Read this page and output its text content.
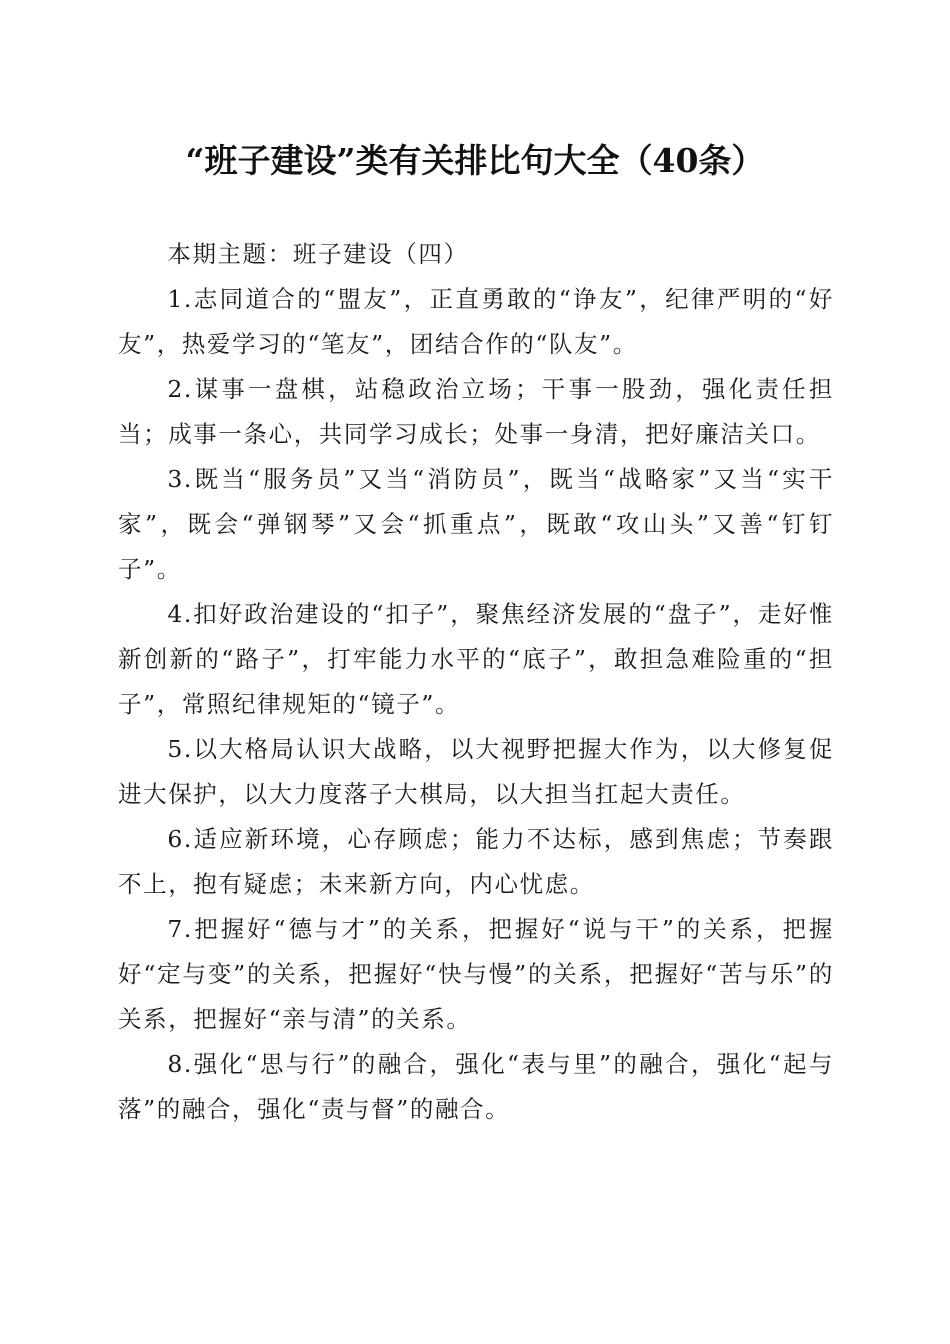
“班子建设”类有关排比句大全（40条）

本期主题：班子建设（四）

1.志同道合的“盟友”，正直勇敢的“诤友”，纪律严明的“好友”，热爱学习的“笔友”，团结合作的“队友”。

2.谋事一盘棋，站稳政治立场；干事一股劲，强化责任担当；成事一条心，共同学习成长；处事一身清，把好廉洁关口。

3.既当“服务员”又当“消防员”，既当“战略家”又当“实干家”，既会“弹钢琴”又会“抓重点”，既敢“攻山头”又善“钉钉子”。

4.扣好政治建设的“扣子”，聚焦经济发展的“盘子”，走好惟新创新的“路子”，打牢能力水平的“底子”，敢担急难险重的“担子”，常照纪律规矩的“镜子”。

5.以大格局认识大战略，以大视野把握大作为，以大修复促进大保护，以大力度落子大棋局，以大担当扛起大责任。

6.适应新环境，心存顾虑；能力不达标，感到焦虑；节奏跟不上，抱有疑虑；未来新方向，内心忧虑。

7.把握好“德与才”的关系，把握好“说与干”的关系，把握好“定与变”的关系，把握好“快与慢”的关系，把握好“苦与乐”的关系，把握好“亲与清”的关系。

8.强化“思与行”的融合，强化“表与里”的融合，强化“起与落”的融合，强化“责与督”的融合。
